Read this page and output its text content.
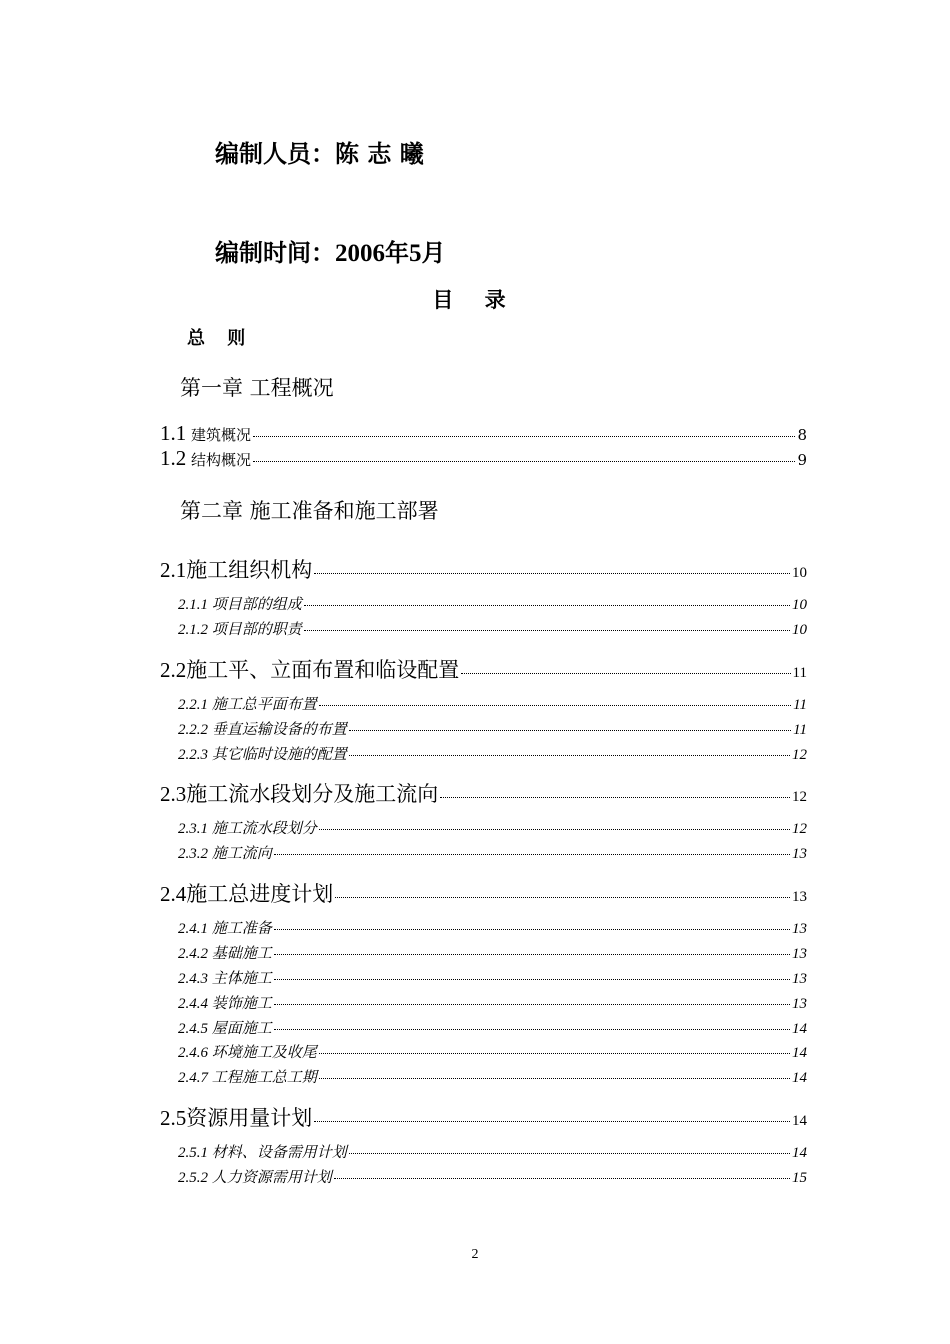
编制人员：陈 志 曦
编制时间：2006年5月
目 录
总 则
第一章 工程概况
1.1 建筑概况	8
1.2 结构概况	9
第二章 施工准备和施工部署
2.1施工组织机构	10
2.1.1 项目部的组成	10
2.1.2 项目部的职责	10
2.2施工平、立面布置和临设配置	11
2.2.1 施工总平面布置	11
2.2.2 垂直运输设备的布置	11
2.2.3 其它临时设施的配置	12
2.3施工流水段划分及施工流向	12
2.3.1 施工流水段划分	12
2.3.2 施工流向	13
2.4施工总进度计划	13
2.4.1 施工准备	13
2.4.2 基础施工	13
2.4.3 主体施工	13
2.4.4 装饰施工	13
2.4.5 屋面施工	14
2.4.6 环境施工及收尾	14
2.4.7 工程施工总工期	14
2.5资源用量计划	14
2.5.1 材料、设备需用计划	14
2.5.2 人力资源需用计划	15
2
